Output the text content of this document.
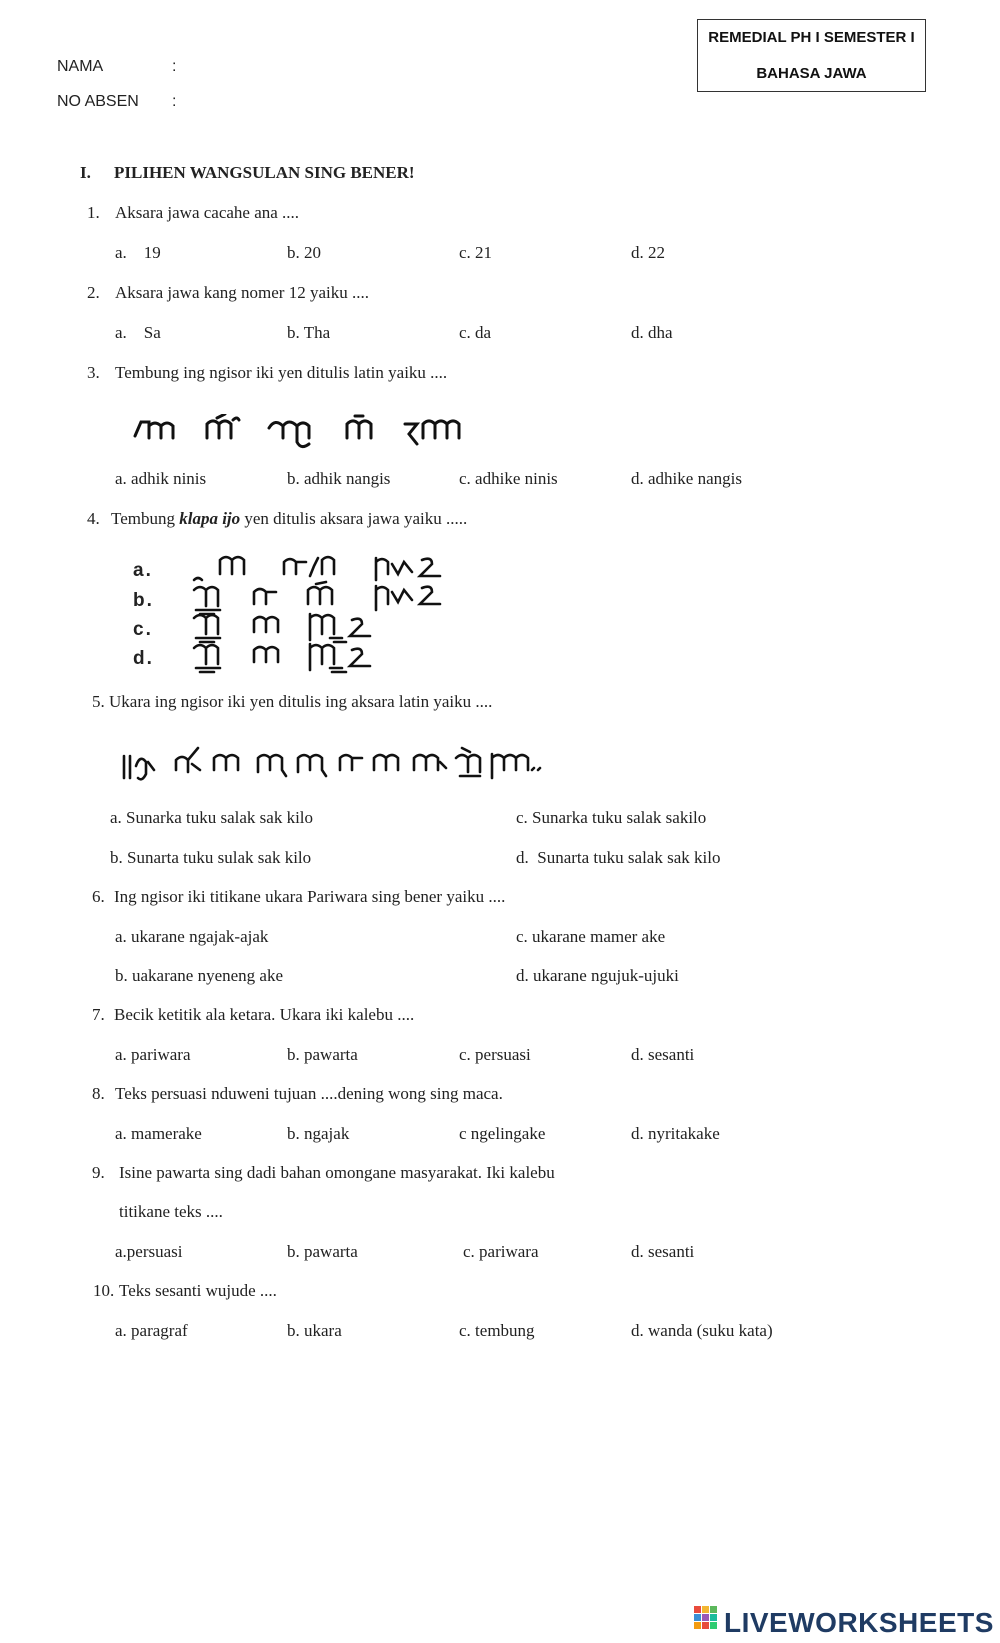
REMEDIAL PH I SEMESTER I
BAHASA JAWA
NAMA	:
NO ABSEN :
I. PILIHEN WANGSULAN SING BENER!
1. Aksara jawa cacahe ana ....
a.    19	b. 20	c. 21	d. 22
2. Aksara jawa kang nomer 12 yaiku ....
a.    Sa	b. Tha	c. da	d. dha
3. Tembung ing ngisor iki yen ditulis latin yaiku ....
a. adhik ninis	b. adhik nangis	c. adhike ninis	d. adhike nangis
4. Tembung klapa ijo yen ditulis aksara jawa yaiku .....
a.
b.
c.
d.
5. Ukara ing ngisor iki yen ditulis ing aksara latin yaiku ....
a. Sunarka tuku salak sak kilo	c. Sunarka tuku salak sakilo
b. Sunarta tuku sulak sak kilo	d.  Sunarta tuku salak sak kilo
6. Ing ngisor iki titikane ukara Pariwara sing bener yaiku ....
a. ukarane ngajak-ajak	c. ukarane mamer ake
b. uakarane nyeneng ake	d. ukarane ngujuk-ujuki
7. Becik ketitik ala ketara. Ukara iki kalebu ....
a. pariwara	b. pawarta	c. persuasi	d. sesanti
8. Teks persuasi nduweni tujuan ....dening wong sing maca.
a. mamerake	b. ngajak	c ngelingake	d. nyritakake
9. Isine pawarta sing dadi bahan omongane masyarakat. Iki kalebu
titikane teks ....
a.persuasi	b. pawarta	c. pariwara	d. sesanti
10. Teks sesanti wujude ....
a. paragraf	b. ukara	c. tembung	d. wanda (suku kata)
LIVEWORKSHEETS
